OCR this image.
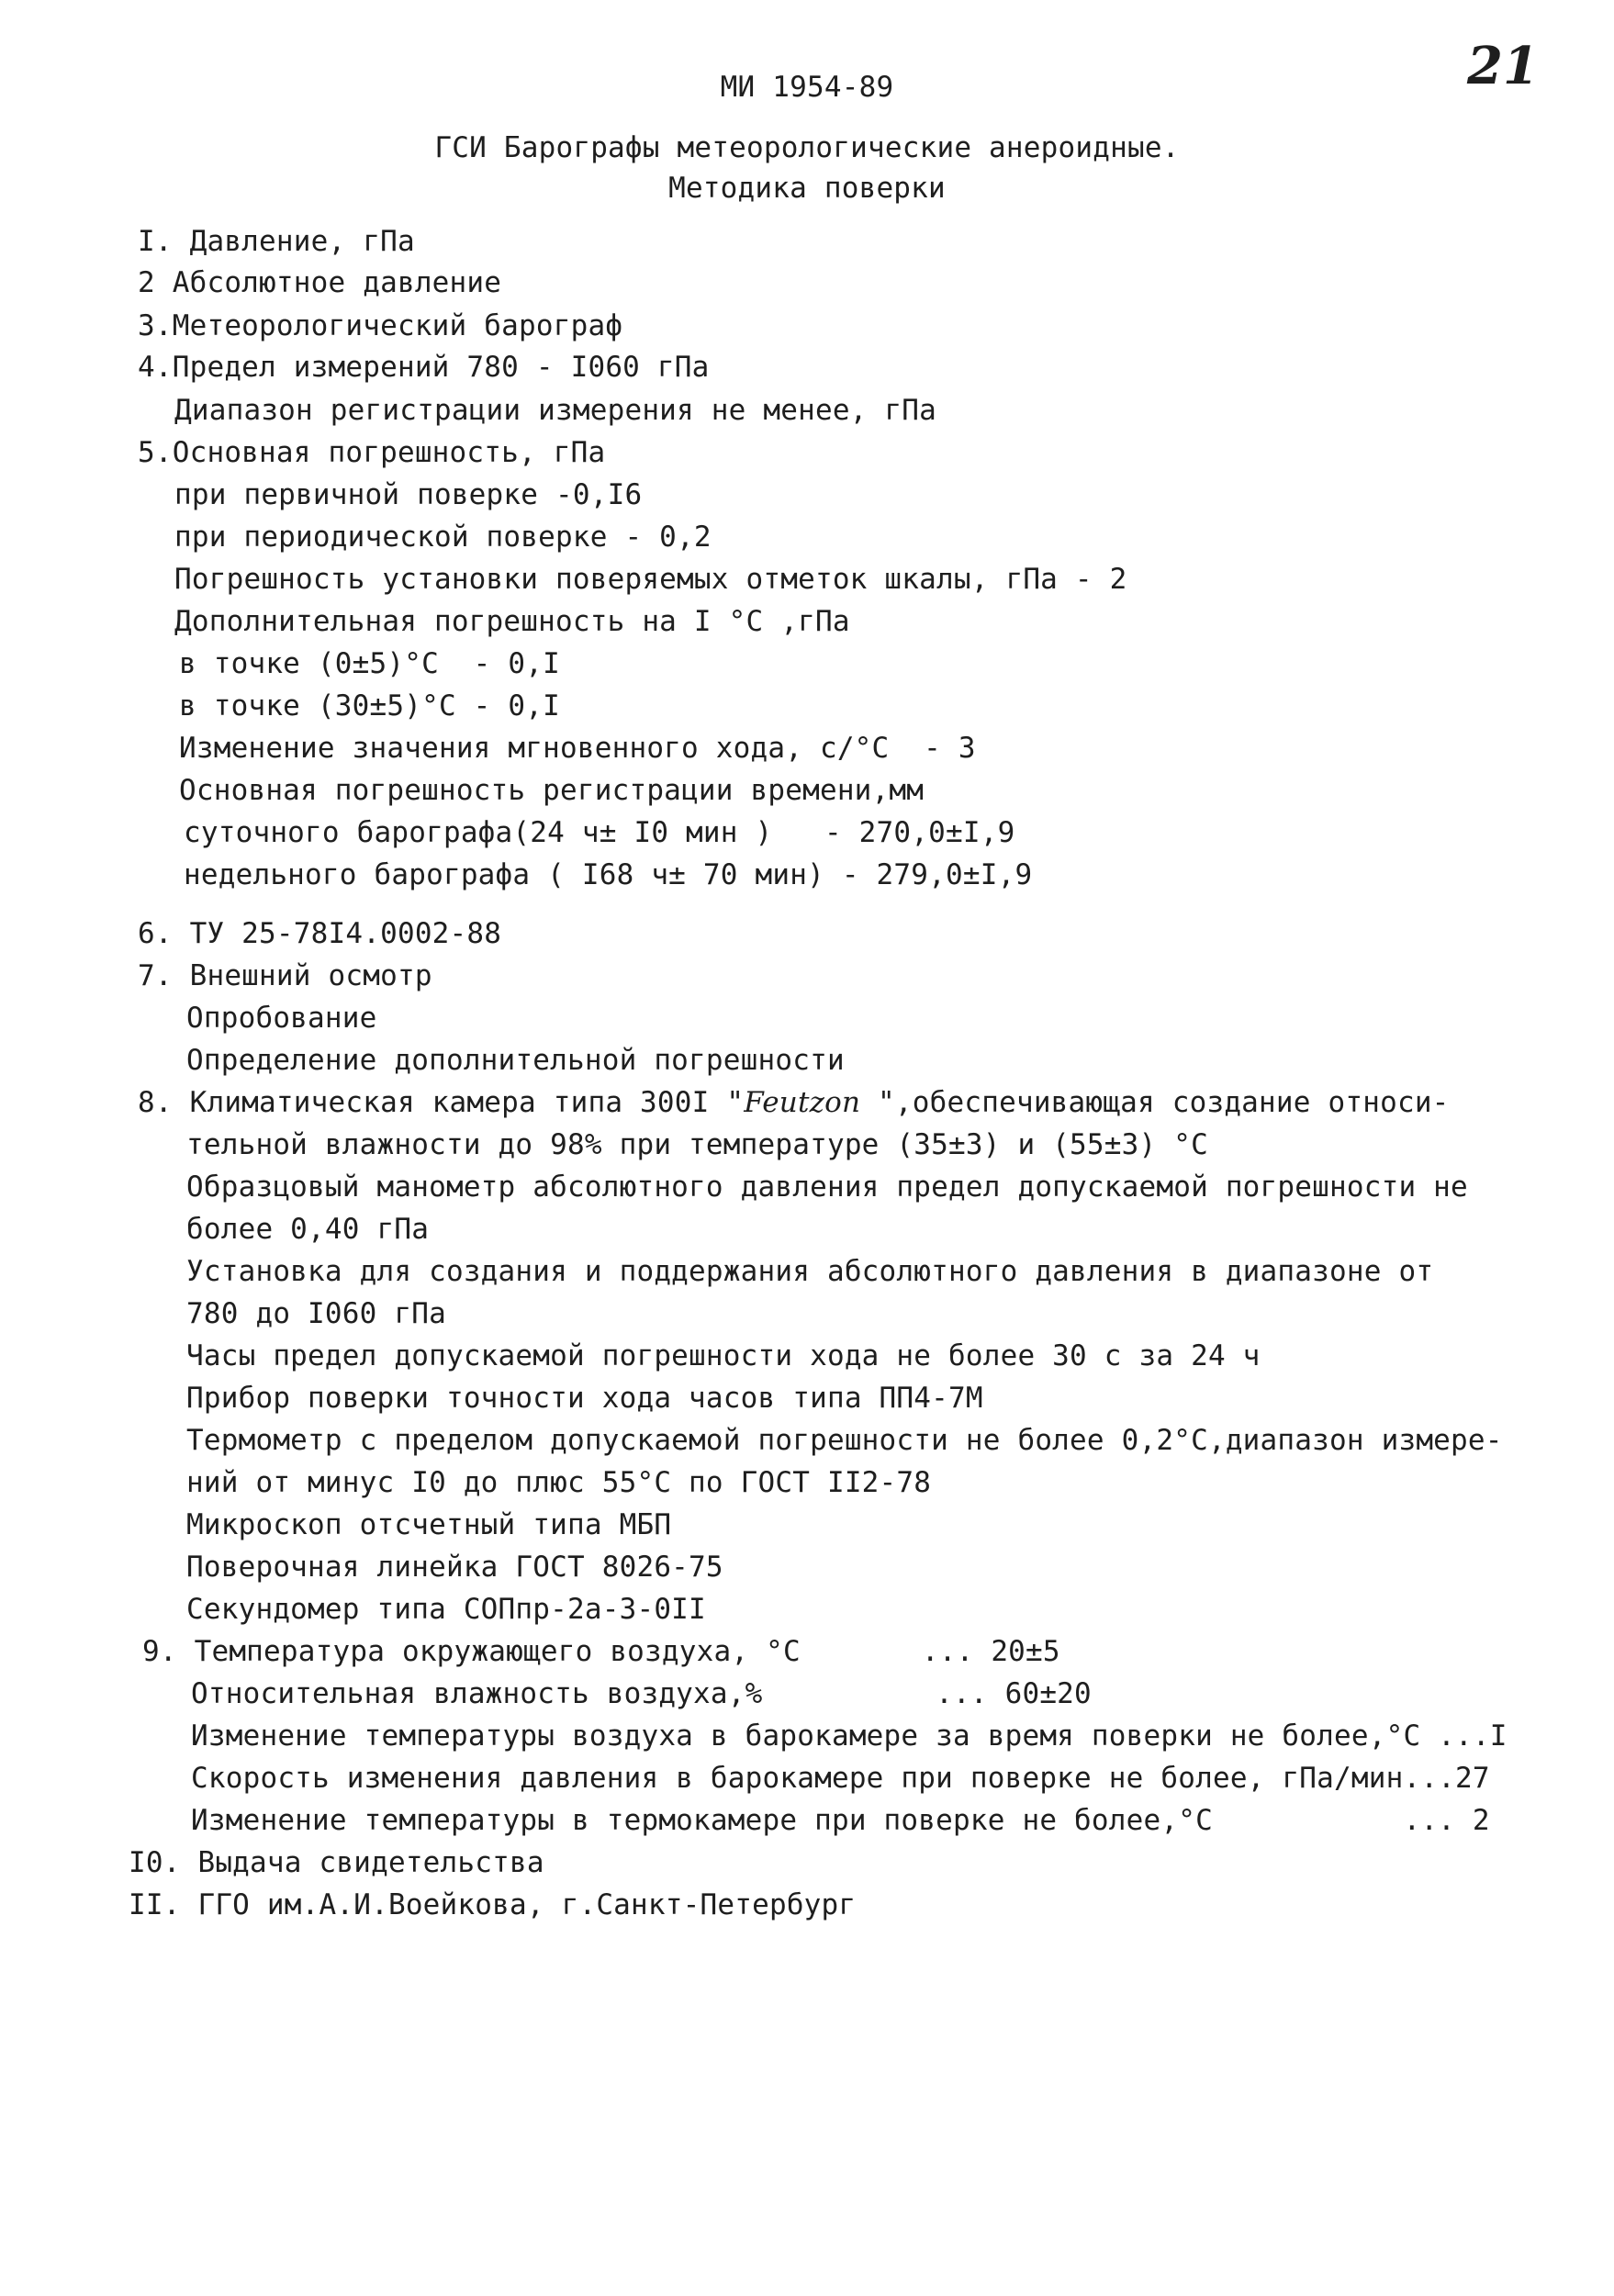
21
МИ 1954-89
ГСИ Барографы метеорологические анероидные.
Методика поверки
I. Давление, гПа
2 Абсолютное давление
3.Метеорологический барограф
4.Предел измерений 780 - I060 гПа
Диапазон регистрации измерения не менее, гПа
5.Основная погрешность, гПа
при первичной поверке -0,I6
при периодической поверке - 0,2
Погрешность установки поверяемых отметок шкалы, гПа - 2
Дополнительная погрешность на I °С ,гПа
в точке (0±5)°С  - 0,I
в точке (30±5)°С - 0,I
Изменение значения мгновенного хода, с/°С  - 3
Основная погрешность регистрации времени,мм
суточного барографа(24 ч± I0 мин )   - 270,0±I,9
недельного барографа ( I68 ч± 70 мин) - 279,0±I,9
6. ТУ 25-78I4.0002-88
7. Внешний осмотр
Опробование
Определение дополнительной погрешности
8. Климатическая камера типа 300I "Feutzon ",обеспечивающая создание относи-
тельной влажности до 98% при температуре (35±3) и (55±3) °С
Образцовый манометр абсолютного давления предел допускаемой погрешности не
более 0,40 гПа
Установка для создания и поддержания абсолютного давления в диапазоне от
780 до I060 гПа
Часы предел допускаемой погрешности хода не более 30 с за 24 ч
Прибор поверки точности хода часов типа ПП4-7М
Термометр с пределом допускаемой погрешности не более 0,2°С,диапазон измере-
ний от минус I0 до плюс 55°С по ГОСТ II2-78
Микроскоп отсчетный типа МБП
Поверочная линейка ГОСТ 8026-75
Секундомер типа СОПпр-2а-3-0II
9. Температура окружающего воздуха, °С       ... 20±5
Относительная влажность воздуха,%          ... 60±20
Изменение температуры воздуха в барокамере за время поверки не более,°С ...I
Скорость изменения давления в барокамере при поверке не более, гПа/мин...27
Изменение температуры в термокамере при поверке не более,°С           ... 2
I0. Выдача свидетельства
II. ГГО им.А.И.Воейкова, г.Санкт-Петербург
